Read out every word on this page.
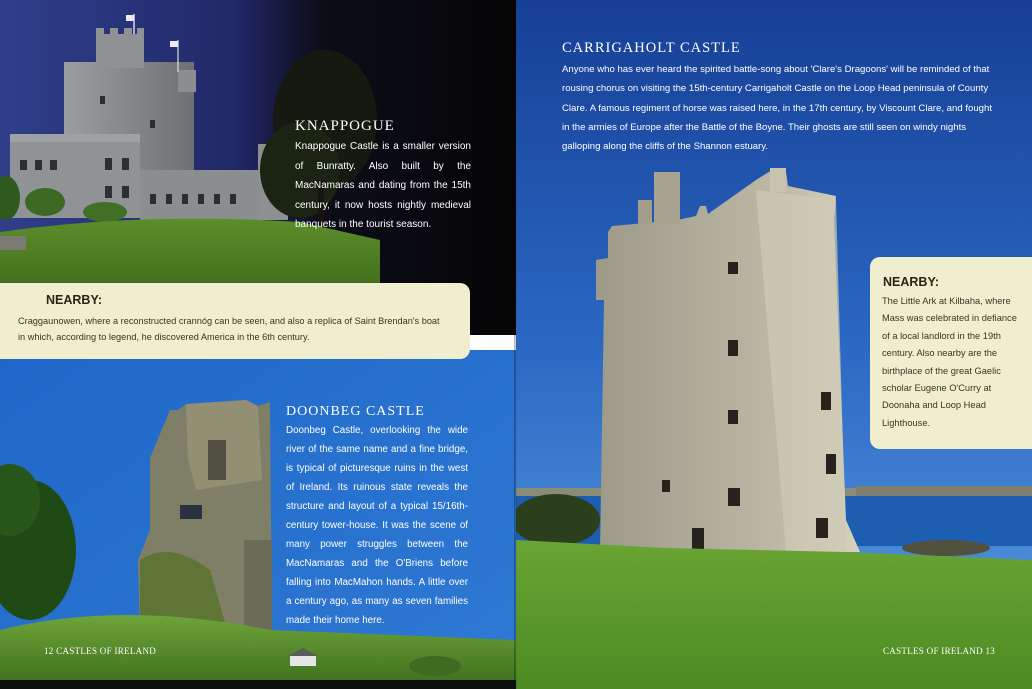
KNAPPOGUE

Knappogue Castle is a smaller version of Bunratty. Also built by the MacNamaras and dating from the 15th century, it now hosts nightly medieval banquets in the tourist season.

NEARBY:

Craggaunowen, where a reconstructed crannóg can be seen, and also a replica of Saint Brendan's boat in which, according to legend, he discovered America in the 6th century.

DOONBEG CASTLE

Doonbeg Castle, overlooking the wide river of the same name and a fine bridge, is typical of picturesque ruins in the west of Ireland. Its ruinous state reveals the structure and layout of a typical 15/16th-century tower-house. It was the scene of many power struggles between the MacNamaras and the O'Briens before falling into MacMahon hands. A little over a century ago, as many as seven families made their home here.

12 CASTLES OF IRELAND
CARRIGAHOLT CASTLE

Anyone who has ever heard the spirited battle-song about 'Clare's Dragoons' will be reminded of that rousing chorus on visiting the 15th-century Carrigaholt Castle on the Loop Head peninsula of County Clare. A famous regiment of horse was raised here, in the 17th century, by Viscount Clare, and fought in the armies of Europe after the Battle of the Boyne. Their ghosts are still seen on windy nights galloping along the cliffs of the Shannon estuary.

NEARBY:

The Little Ark at Kilbaha, where Mass was celebrated in defiance of a local landlord in the 19th century. Also nearby are the birthplace of the great Gaelic scholar Eugene O'Curry at Doonaha and Loop Head Lighthouse.

CASTLES OF IRELAND 13
